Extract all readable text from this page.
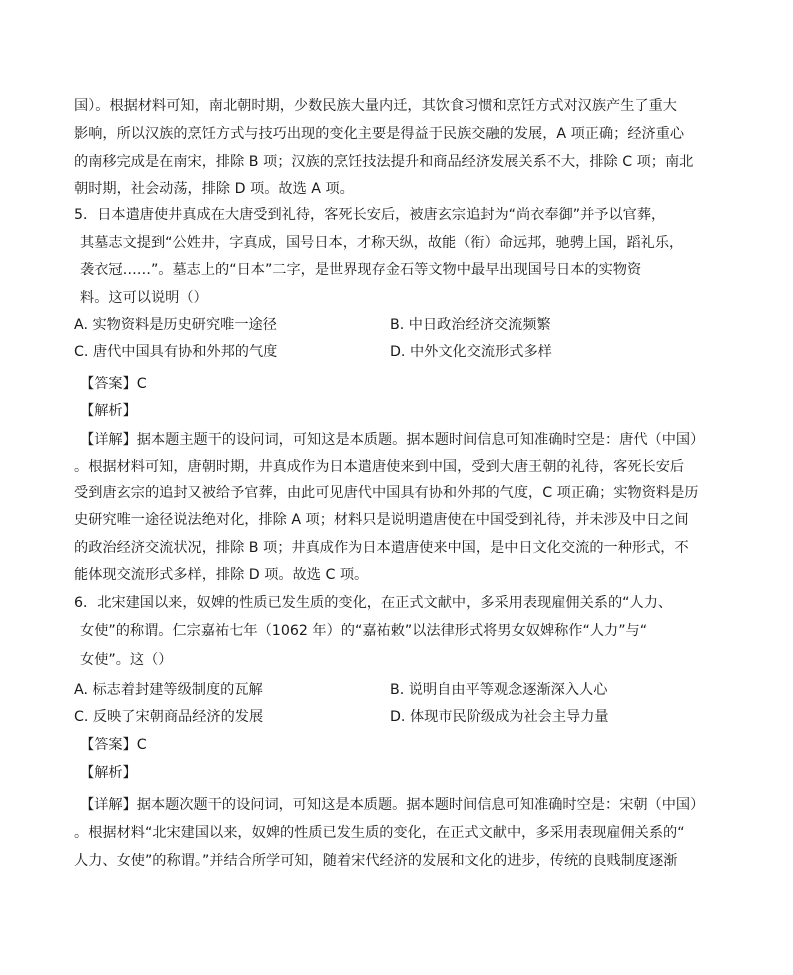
国）。根据材料可知，南北朝时期，少数民族大量内迁，其饮食习惯和烹饪方式对汉族产生了重大
影响，所以汉族的烹饪方式与技巧出现的变化主要是得益于民族交融的发展，A 项正确；经济重心
的南移完成是在南宋，排除 B 项；汉族的烹饪技法提升和商品经济发展关系不大，排除 C 项；南北
朝时期，社会动荡，排除 D 项。故选 A 项。
5．日本遣唐使井真成在大唐受到礼待，客死长安后，被唐玄宗追封为“尚衣奉御”并予以官葬，
其墓志文提到“公姓井，字真成，国号日本，才称天纵，故能（衔）命远邦，驰骋上国，蹈礼乐，
袭衣冠……”。墓志上的“日本”二字，是世界现存金石等文物中最早出现国号日本的实物资
料。这可以说明（）
A. 实物资料是历史研究唯一途径	B. 中日政治经济交流频繁
C. 唐代中国具有协和外邦的气度	D. 中外文化交流形式多样
【答案】C
【解析】
【详解】据本题主题干的设问词，可知这是本质题。据本题时间信息可知准确时空是：唐代（中国）
。根据材料可知，唐朝时期，井真成作为日本遣唐使来到中国，受到大唐王朝的礼待，客死长安后
受到唐玄宗的追封又被给予官葬，由此可见唐代中国具有协和外邦的气度，C 项正确；实物资料是历
史研究唯一途径说法绝对化，排除 A 项；材料只是说明遣唐使在中国受到礼待，并未涉及中日之间
的政治经济交流状况，排除 B 项；井真成作为日本遣唐使来中国，是中日文化交流的一种形式，不
能体现交流形式多样，排除 D 项。故选 C 项。
6．北宋建国以来，奴婢的性质已发生质的变化，在正式文献中，多采用表现雇佣关系的“人力、
女使”的称谓。仁宗嘉祐七年（1062 年）的“嘉祐敕”以法律形式将男女奴婢称作“人力”与“
女使”。这（）
A. 标志着封建等级制度的瓦解	B. 说明自由平等观念逐渐深入人心
C. 反映了宋朝商品经济的发展	D. 体现市民阶级成为社会主导力量
【答案】C
【解析】
【详解】据本题次题干的设问词，可知这是本质题。据本题时间信息可知准确时空是：宋朝（中国）
。根据材料“北宋建国以来，奴婢的性质已发生质的变化，在正式文献中，多采用表现雇佣关系的“
人力、女使”的称谓。”并结合所学可知，随着宋代经济的发展和文化的进步，传统的良贱制度逐渐
